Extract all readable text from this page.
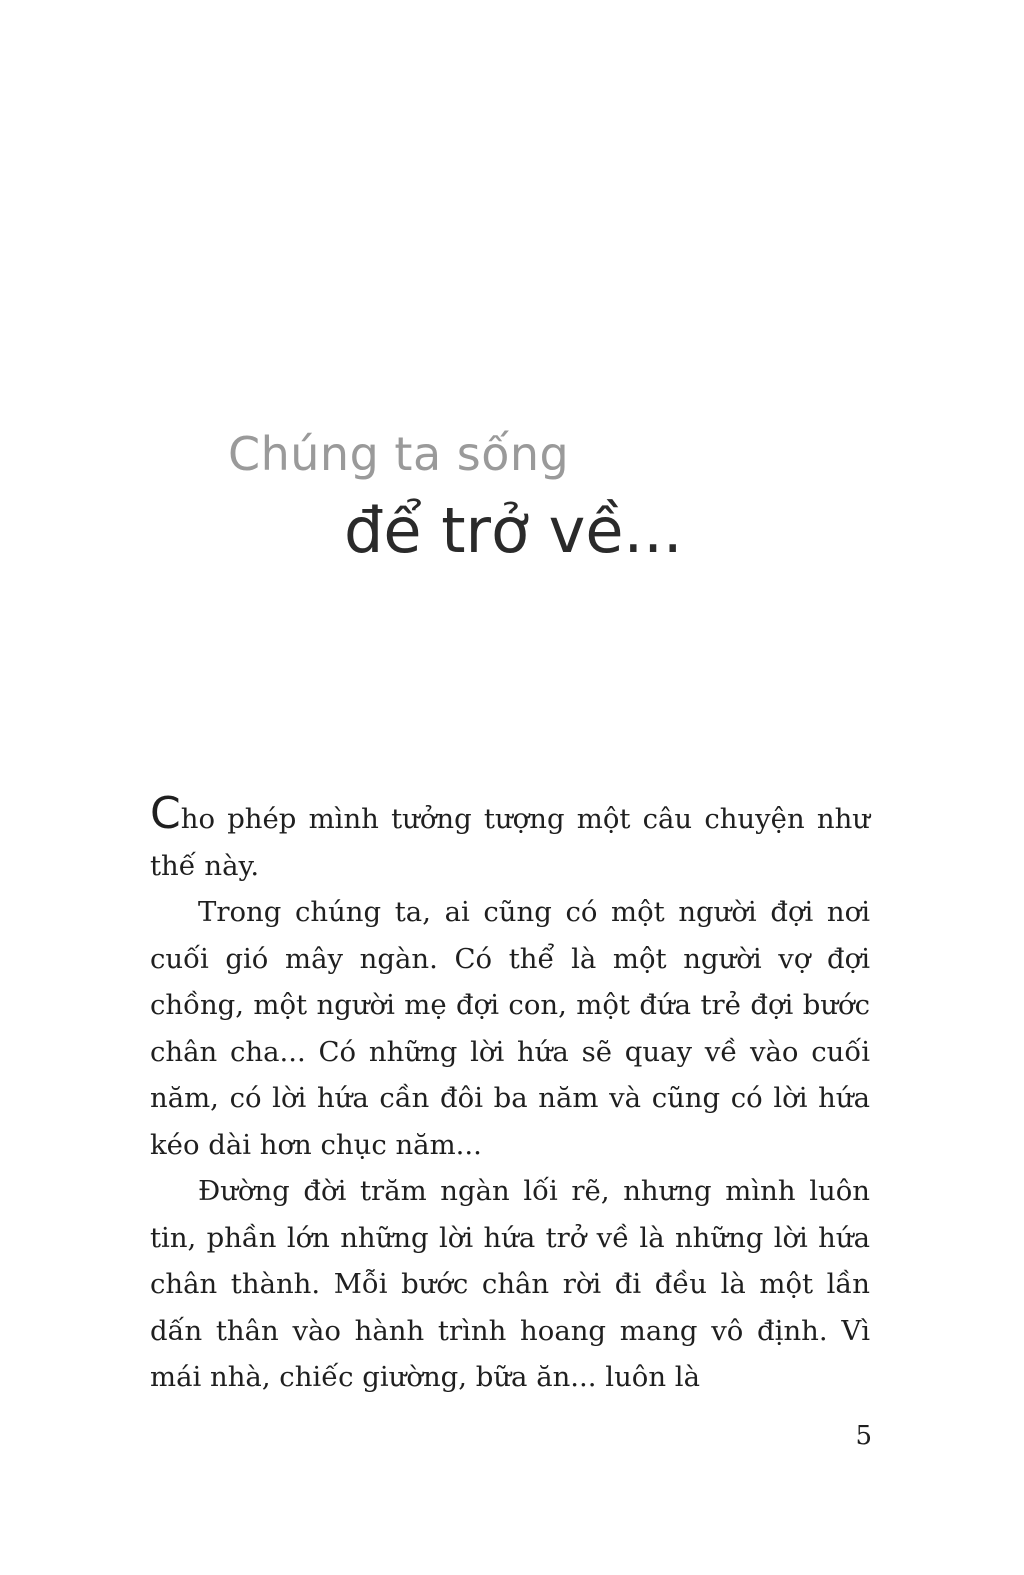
Chúng ta sống
để trở về...

Cho phép mình tưởng tượng một câu chuyện như thế này.

Trong chúng ta, ai cũng có một người đợi nơi cuối gió mây ngàn. Có thể là một người vợ đợi chồng, một người mẹ đợi con, một đứa trẻ đợi bước chân cha... Có những lời hứa sẽ quay về vào cuối năm, có lời hứa cần đôi ba năm và cũng có lời hứa kéo dài hơn chục năm...

Đường đời trăm ngàn lối rẽ, nhưng mình luôn tin, phần lớn những lời hứa trở về là những lời hứa chân thành. Mỗi bước chân rời đi đều là một lần dấn thân vào hành trình hoang mang vô định. Vì mái nhà, chiếc giường, bữa ăn... luôn là

5
